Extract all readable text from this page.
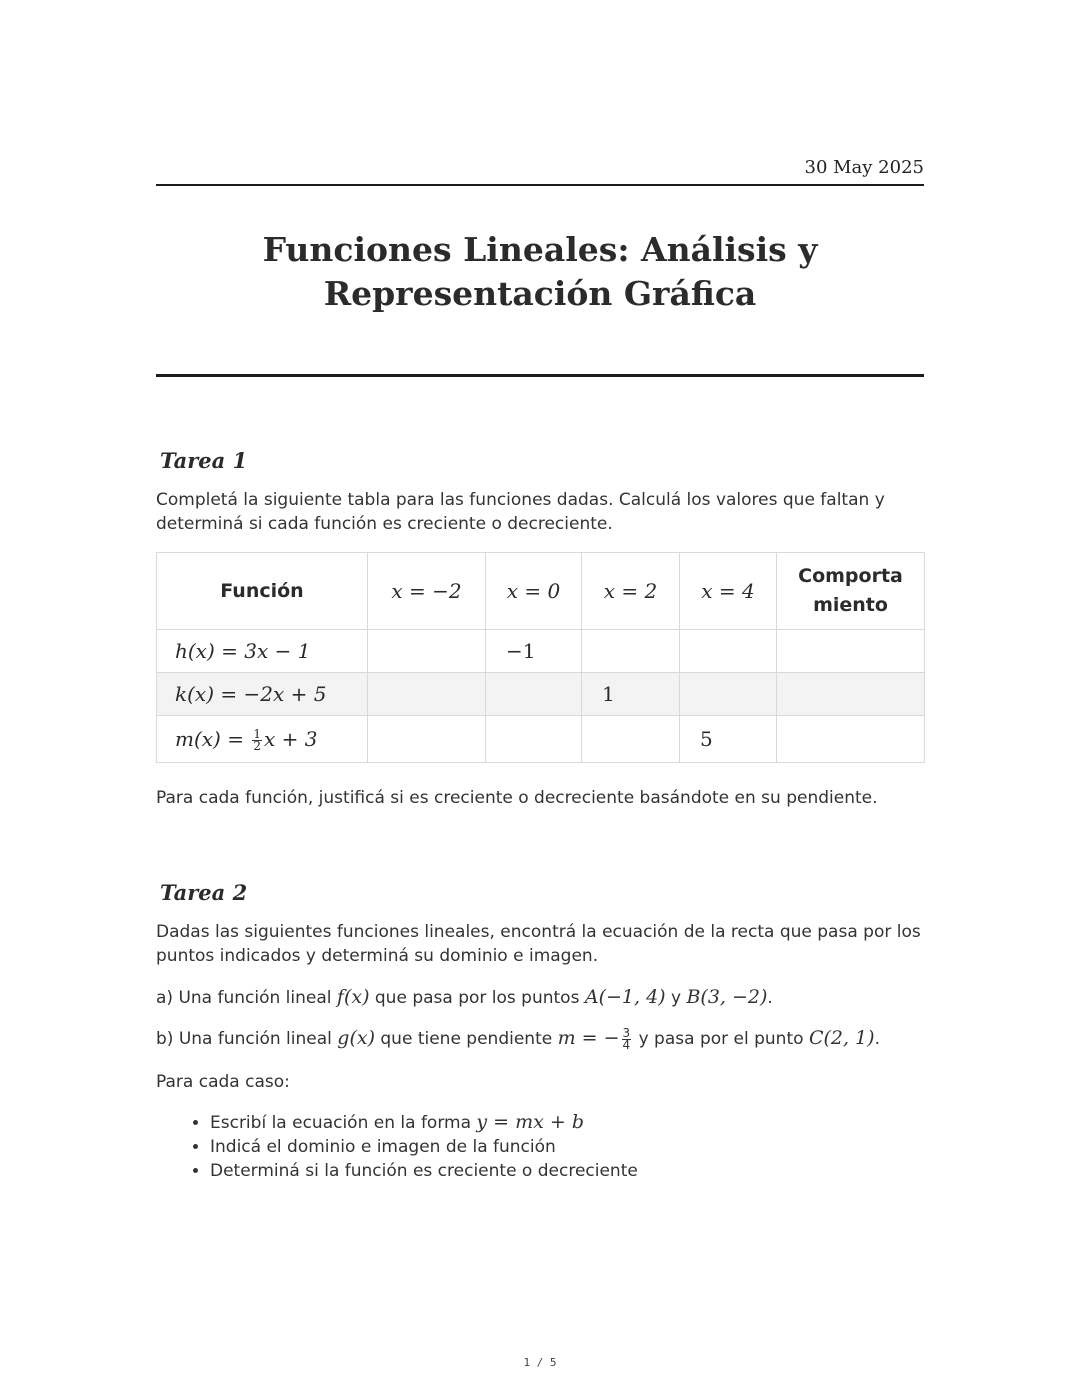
30 May 2025
Funciones Lineales: Análisis y Representación Gráfica
Tarea 1
Completá la siguiente tabla para las funciones dadas. Calculá los valores que faltan y determiná si cada función es creciente o decreciente.
Función	x = −2	x = 0	x = 2	x = 4	Comporta miento
h(x) = 3x − 1		−1			
k(x) = −2x + 5			1		
$m(x) = \frac{1}{2}$ x + 3				5	
Para cada función, justificá si es creciente o decreciente basándote en su pendiente.
Tarea 2
Dadas las siguientes funciones lineales, encontrá la ecuación de la recta que pasa por los puntos indicados y determiná su dominio e imagen.
a) Una función lineal f(x) que pasa por los puntos A(−1, 4) y B(3, −2).
b) Una función lineal g(x) que tiene pendiente m = − $\frac{3}{4}$ y pasa por el punto C(2, 1).
Para cada caso:
• Escribí la ecuación en la forma y = mx + b
• Indicá el dominio e imagen de la función
• Determiná si la función es creciente o decreciente
1 / 5
